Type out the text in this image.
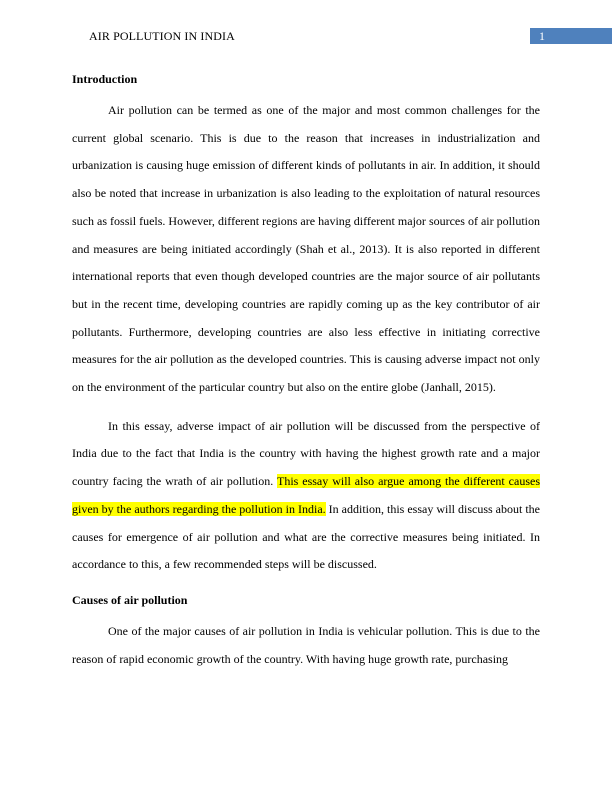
AIR POLLUTION IN INDIA	1
Introduction

Air pollution can be termed as one of the major and most common challenges for the current global scenario. This is due to the reason that increases in industrialization and urbanization is causing huge emission of different kinds of pollutants in air. In addition, it should also be noted that increase in urbanization is also leading to the exploitation of natural resources such as fossil fuels. However, different regions are having different major sources of air pollution and measures are being initiated accordingly (Shah et al., 2013). It is also reported in different international reports that even though developed countries are the major source of air pollutants but in the recent time, developing countries are rapidly coming up as the key contributor of air pollutants. Furthermore, developing countries are also less effective in initiating corrective measures for the air pollution as the developed countries. This is causing adverse impact not only on the environment of the particular country but also on the entire globe (Janhall, 2015).

In this essay, adverse impact of air pollution will be discussed from the perspective of India due to the fact that India is the country with having the highest growth rate and a major country facing the wrath of air pollution. This essay will also argue among the different causes given by the authors regarding the pollution in India. In addition, this essay will discuss about the causes for emergence of air pollution and what are the corrective measures being initiated. In accordance to this, a few recommended steps will be discussed.

Causes of air pollution

One of the major causes of air pollution in India is vehicular pollution. This is due to the reason of rapid economic growth of the country. With having huge growth rate, purchasing
